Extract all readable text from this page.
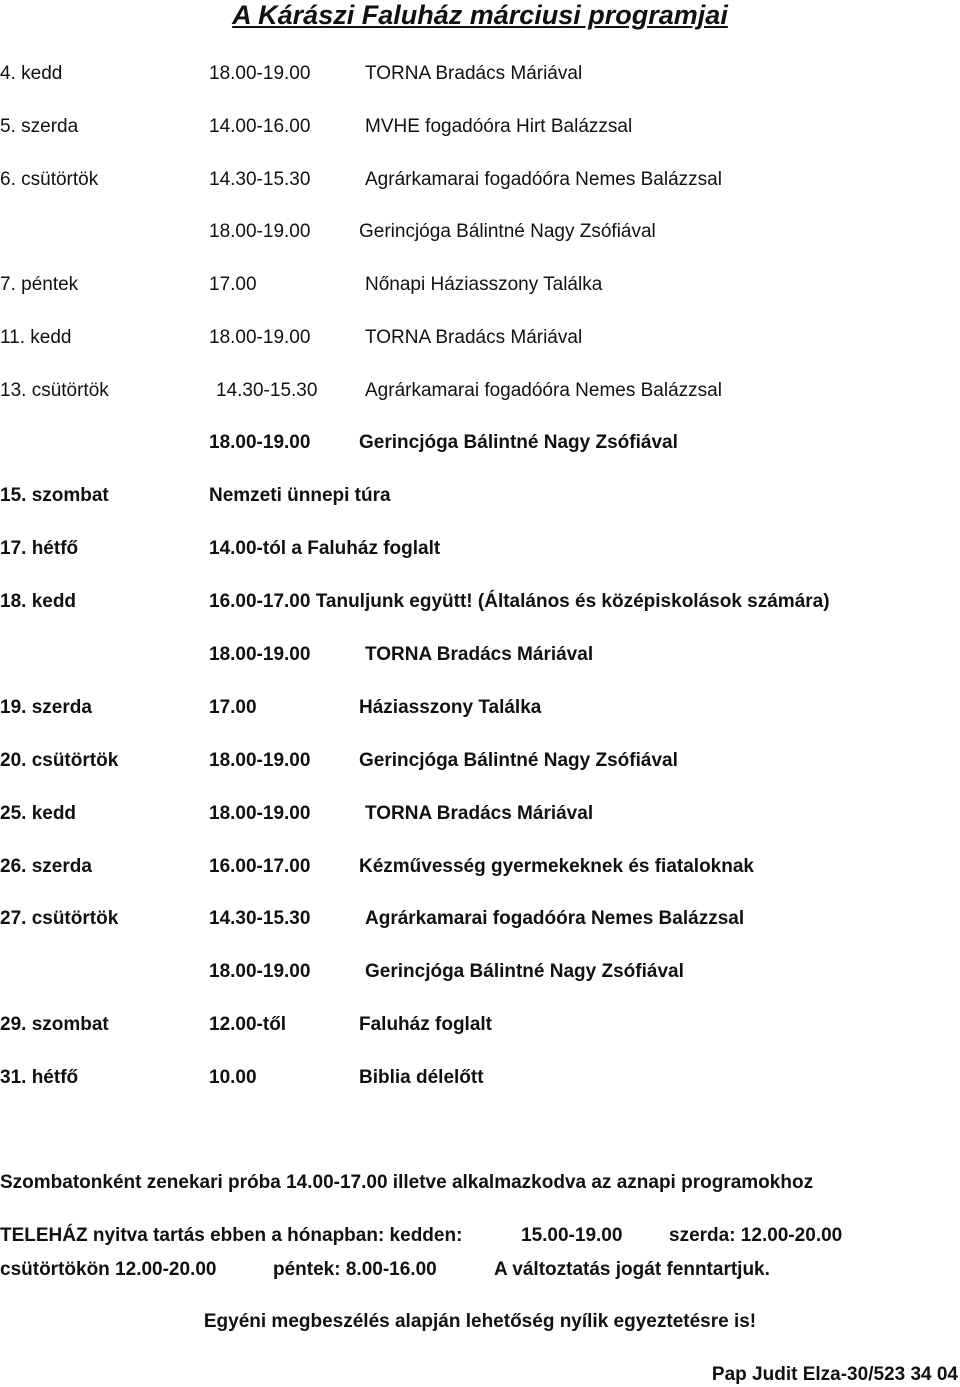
A Kárászi Faluház márciusi programjai
4. kedd	18.00-19.00	TORNA Bradács Máriával
5. szerda	14.00-16.00	MVHE fogadóóra Hirt Balázzsal
6. csütörtök	14.30-15.30	Agrárkamarai fogadóóra Nemes Balázzsal
18.00-19.00	Gerincjóga Bálintné Nagy Zsófiával
7. péntek	17.00	Nőnapi Háziasszony Találka
11. kedd	18.00-19.00	TORNA Bradács Máriával
13. csütörtök	14.30-15.30	Agrárkamarai fogadóóra Nemes Balázzsal
18.00-19.00	Gerincjóga Bálintné Nagy Zsófiával
15. szombat	Nemzeti ünnepi túra
17. hétfő	14.00-tól a Faluház foglalt
18. kedd	16.00-17.00 Tanuljunk együtt! (Általános és középiskolások számára)
18.00-19.00	TORNA Bradács Máriával
19. szerda	17.00	Háziasszony Találka
20. csütörtök	18.00-19.00	Gerincjóga Bálintné Nagy Zsófiával
25. kedd	18.00-19.00	TORNA Bradács Máriával
26. szerda	16.00-17.00	Kézművesség gyermekeknek és fiataloknak
27. csütörtök	14.30-15.30	Agrárkamarai fogadóóra Nemes Balázzsal
18.00-19.00	Gerincjóga Bálintné Nagy Zsófiával
29. szombat	12.00-től	Faluház foglalt
31. hétfő	10.00	Biblia délelőtt
Szombatonként zenekari próba 14.00-17.00 illetve alkalmazkodva az aznapi programokhoz
TELEHÁZ nyitva tartás ebben a hónapban: kedden:	15.00-19.00 szerda: 12.00-20.00
csütörtökön 12.00-20.00	péntek: 8.00-16.00	A változtatás jogát fenntartjuk.
Egyéni megbeszélés alapján lehetőség nyílik egyeztetésre is!
Pap Judit Elza-30/523 34 04
